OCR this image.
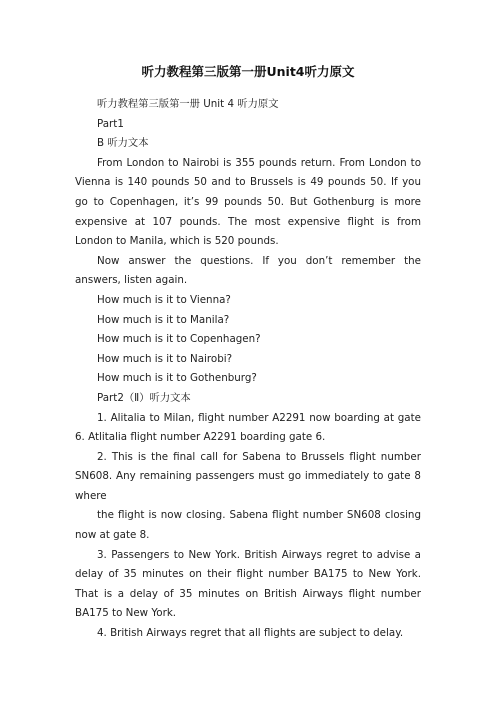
听力教程第三版第一册Unit4听力原文

听力教程第三版第一册 Unit 4 听力原文

Part1

B 听力文本

From London to Nairobi is 355 pounds return. From London to Vienna is 140 pounds 50 and to Brussels is 49 pounds 50. If you go to Copenhagen, it’s 99 pounds 50. But Gothenburg is more expensive at 107 pounds. The most expensive flight is from London to Manila, which is 520 pounds.

Now answer the questions. If you don’t remember the answers, listen again.

How much is it to Vienna?

How much is it to Manila?

How much is it to Copenhagen?

How much is it to Nairobi?

How much is it to Gothenburg?

Part2（Ⅱ）听力文本

1. Alitalia to Milan, flight number A2291 now boarding at gate 6. Atlitalia flight number A2291 boarding gate 6.

2. This is the final call for Sabena to Brussels flight number SN608. Any remaining passengers must go immediately to gate 8 where

the flight is now closing. Sabena flight number SN608 closing now at gate 8.

3. Passengers to New York. British Airways regret to advise a delay of 35 minutes on their flight number BA175 to New York. That is a delay of 35 minutes on British Airways flight number BA175 to New York.

4. British Airways regret that all flights are subject to delay.
